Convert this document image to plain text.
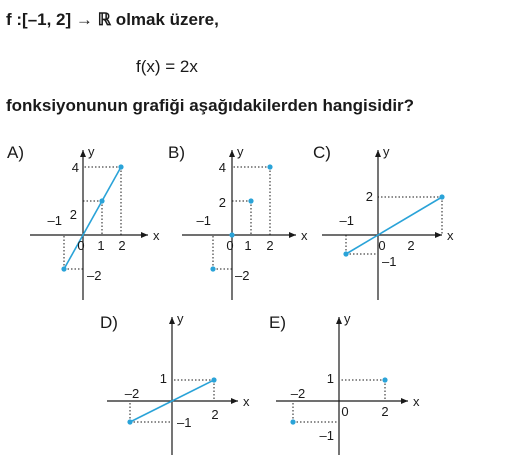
f :[–1, 2] → ℝ olmak üzere,
f(x) = 2x
fonksiyonunun grafiği aşağıdakilerden hangisidir?
A)
x
y
–1
0 1 2
4
2
–2
B)
x
y
–1
0 1 2
4
2
–2
C)
x
y
–1
0 2
2
–1
D)
x
y
–2
2
1
–1
E)
x
y
–2
0	2
1
–1
